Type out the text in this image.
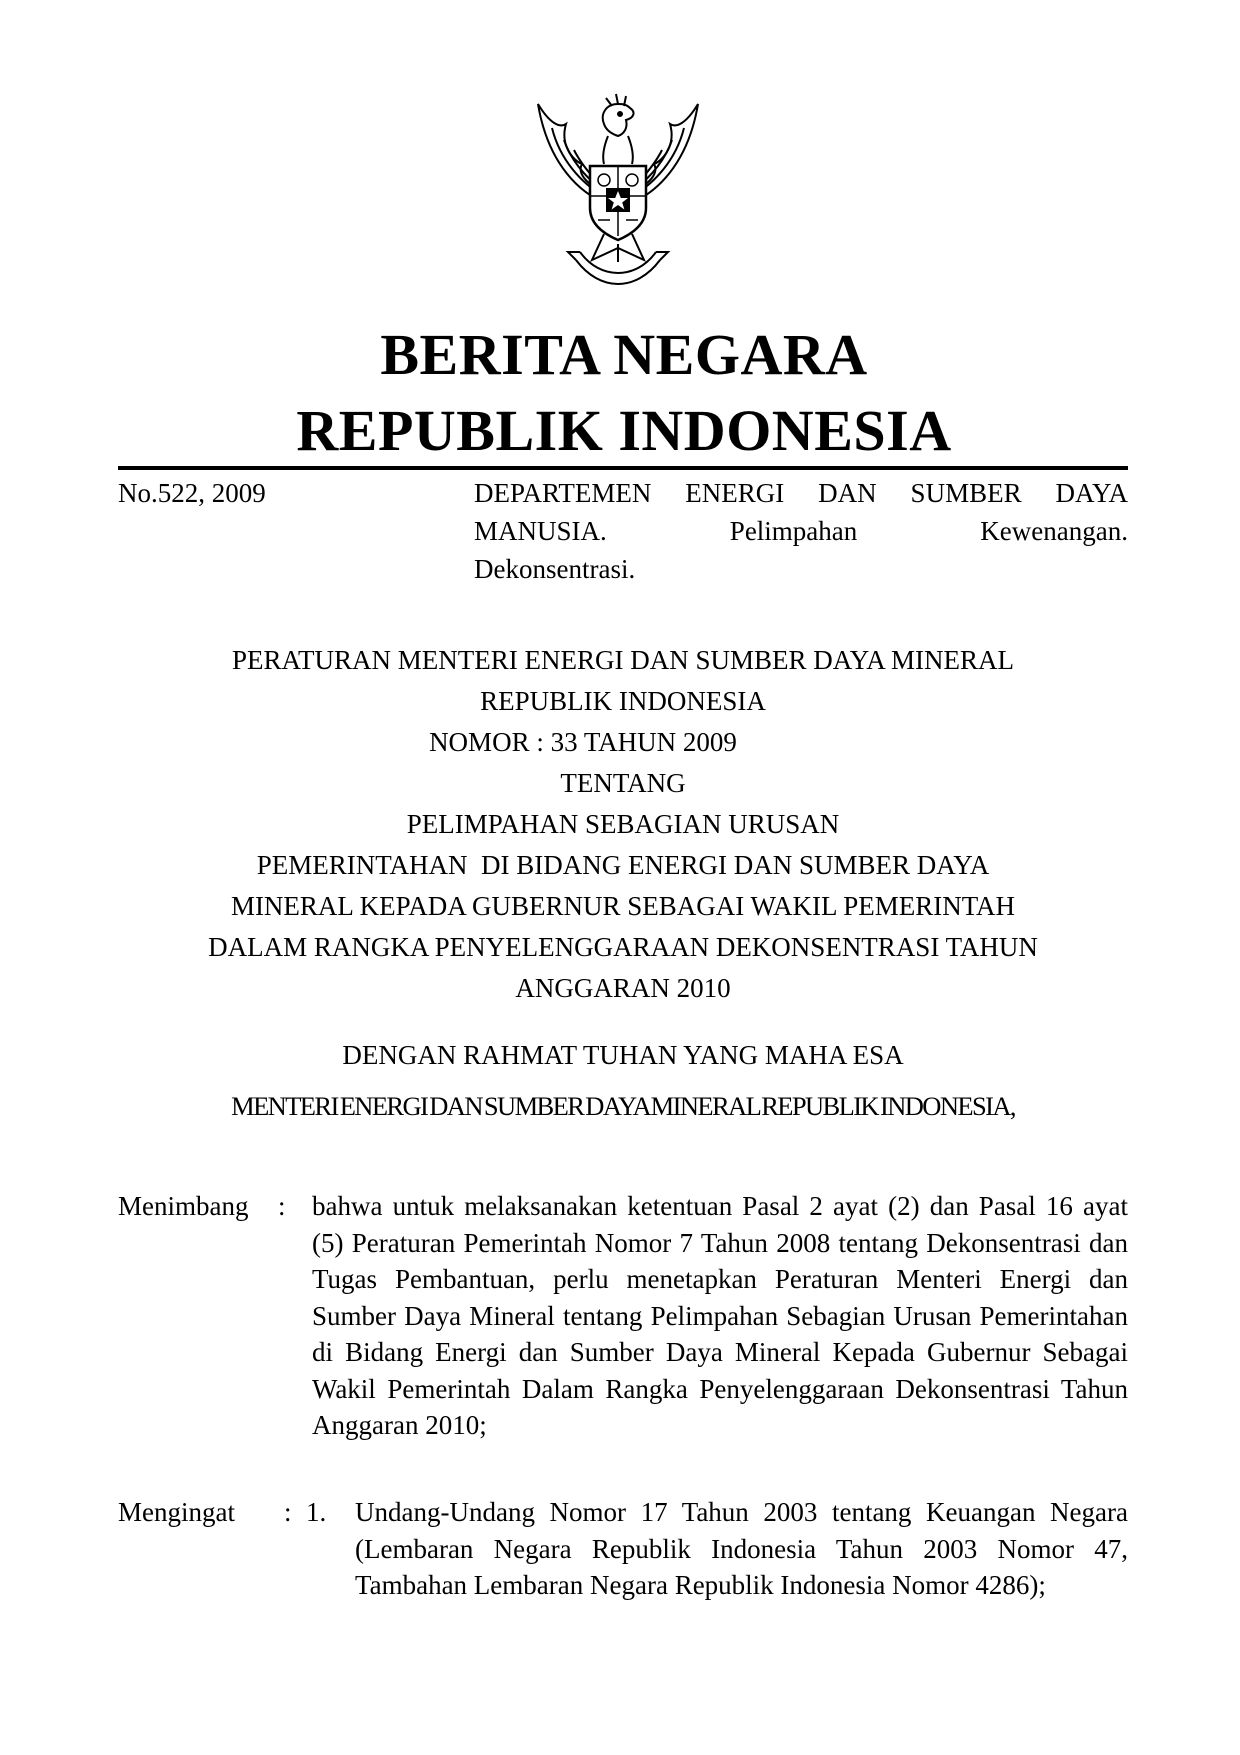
BERITA NEGARA
REPUBLIK INDONESIA
No.522, 2009	DEPARTEMEN ENERGI DAN SUMBER DAYA
MANUSIA.        Pelimpahan        Kewenangan.
Dekonsentrasi.
PERATURAN MENTERI ENERGI DAN SUMBER DAYA MINERAL
REPUBLIK INDONESIA
NOMOR : 33 TAHUN 2009
TENTANG
PELIMPAHAN SEBAGIAN URUSAN
PEMERINTAHAN  DI BIDANG ENERGI DAN SUMBER DAYA
MINERAL KEPADA GUBERNUR SEBAGAI WAKIL PEMERINTAH
DALAM RANGKA PENYELENGGARAAN DEKONSENTRASI TAHUN
ANGGARAN 2010
DENGAN RAHMAT TUHAN YANG MAHA ESA
MENTERI ENERGI DAN SUMBER DAYA MINERAL REPUBLIK INDONESIA,
Menimbang : bahwa untuk melaksanakan ketentuan Pasal 2 ayat (2) dan Pasal 16 ayat (5) Peraturan Pemerintah Nomor 7 Tahun 2008 tentang Dekonsentrasi dan Tugas Pembantuan, perlu menetapkan Peraturan Menteri Energi dan Sumber Daya Mineral tentang Pelimpahan Sebagian Urusan Pemerintahan di Bidang Energi dan Sumber Daya Mineral Kepada Gubernur Sebagai Wakil Pemerintah Dalam Rangka Penyelenggaraan Dekonsentrasi Tahun Anggaran 2010;
Mengingat : 1. Undang-Undang Nomor 17 Tahun 2003 tentang Keuangan Negara (Lembaran Negara Republik Indonesia Tahun 2003 Nomor 47, Tambahan Lembaran Negara Republik Indonesia Nomor 4286);
